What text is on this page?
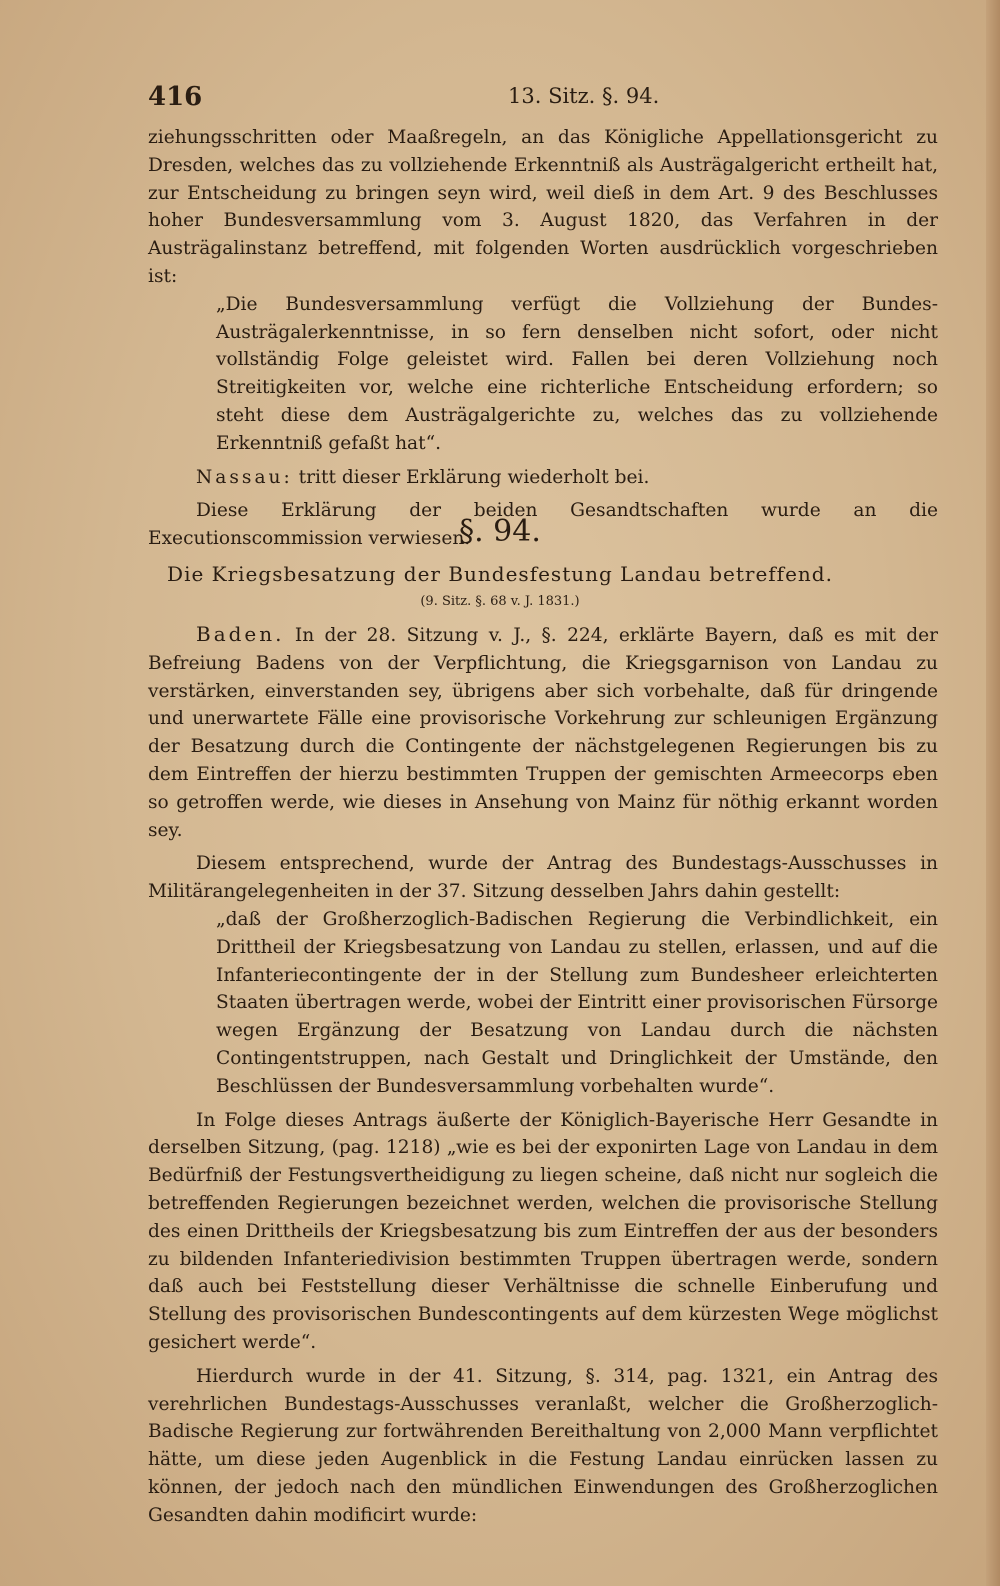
416	13. Sitz. §. 94.

ziehungsschritten oder Maaßregeln, an das Königliche Appellationsgericht zu Dresden, welches das zu vollziehende Erkenntniß als Austrägalgericht ertheilt hat, zur Entscheidung zu bringen seyn wird, weil dieß in dem Art. 9 des Beschlusses hoher Bundesversammlung vom 3. August 1820, das Verfahren in der Austrägalinstanz betreffend, mit folgenden Worten ausdrücklich vorgeschrieben ist:

„Die Bundesversammlung verfügt die Vollziehung der Bundes-Austrägalerkenntnisse, in so fern denselben nicht sofort, oder nicht vollständig Folge geleistet wird. Fallen bei deren Vollziehung noch Streitigkeiten vor, welche eine richterliche Entscheidung erfordern; so steht diese dem Austrägalgerichte zu, welches das zu vollziehende Erkenntniß gefaßt hat“.

Nassau: tritt dieser Erklärung wiederholt bei.

Diese Erklärung der beiden Gesandtschaften wurde an die Executionscommission verwiesen.

§. 94.
Die Kriegsbesatzung der Bundesfestung Landau betreffend.
(9. Sitz. §. 68 v. J. 1831.)

Baden. In der 28. Sitzung v. J., §. 224, erklärte Bayern, daß es mit der Befreiung Badens von der Verpflichtung, die Kriegsgarnison von Landau zu verstärken, einverstanden sey, übrigens aber sich vorbehalte, daß für dringende und unerwartete Fälle eine provisorische Vorkehrung zur schleunigen Ergänzung der Besatzung durch die Contingente der nächstgelegenen Regierungen bis zu dem Eintreffen der hierzu bestimmten Truppen der gemischten Armeecorps eben so getroffen werde, wie dieses in Ansehung von Mainz für nöthig erkannt worden sey.

Diesem entsprechend, wurde der Antrag des Bundestags-Ausschusses in Militärangelegenheiten in der 37. Sitzung desselben Jahrs dahin gestellt:

„daß der Großherzoglich-Badischen Regierung die Verbindlichkeit, ein Drittheil der Kriegsbesatzung von Landau zu stellen, erlassen, und auf die Infanteriecontingente der in der Stellung zum Bundesheer erleichterten Staaten übertragen werde, wobei der Eintritt einer provisorischen Fürsorge wegen Ergänzung der Besatzung von Landau durch die nächsten Contingentstruppen, nach Gestalt und Dringlichkeit der Umstände, den Beschlüssen der Bundesversammlung vorbehalten wurde“.

In Folge dieses Antrags äußerte der Königlich-Bayerische Herr Gesandte in derselben Sitzung, (pag. 1218) „wie es bei der exponirten Lage von Landau in dem Bedürfniß der Festungsvertheidigung zu liegen scheine, daß nicht nur sogleich die betreffenden Regierungen bezeichnet werden, welchen die provisorische Stellung des einen Drittheils der Kriegsbesatzung bis zum Eintreffen der aus der besonders zu bildenden Infanteriedivision bestimmten Truppen übertragen werde, sondern daß auch bei Feststellung dieser Verhältnisse die schnelle Einberufung und Stellung des provisorischen Bundescontingents auf dem kürzesten Wege möglichst gesichert werde“.

Hierdurch wurde in der 41. Sitzung, §. 314, pag. 1321, ein Antrag des verehrlichen Bundestags-Ausschusses veranlaßt, welcher die Großherzoglich-Badische Regierung zur fortwährenden Bereithaltung von 2,000 Mann verpflichtet hätte, um diese jeden Augenblick in die Festung Landau einrücken lassen zu können, der jedoch nach den mündlichen Einwendungen des Großherzoglichen Gesandten dahin modificirt wurde:
